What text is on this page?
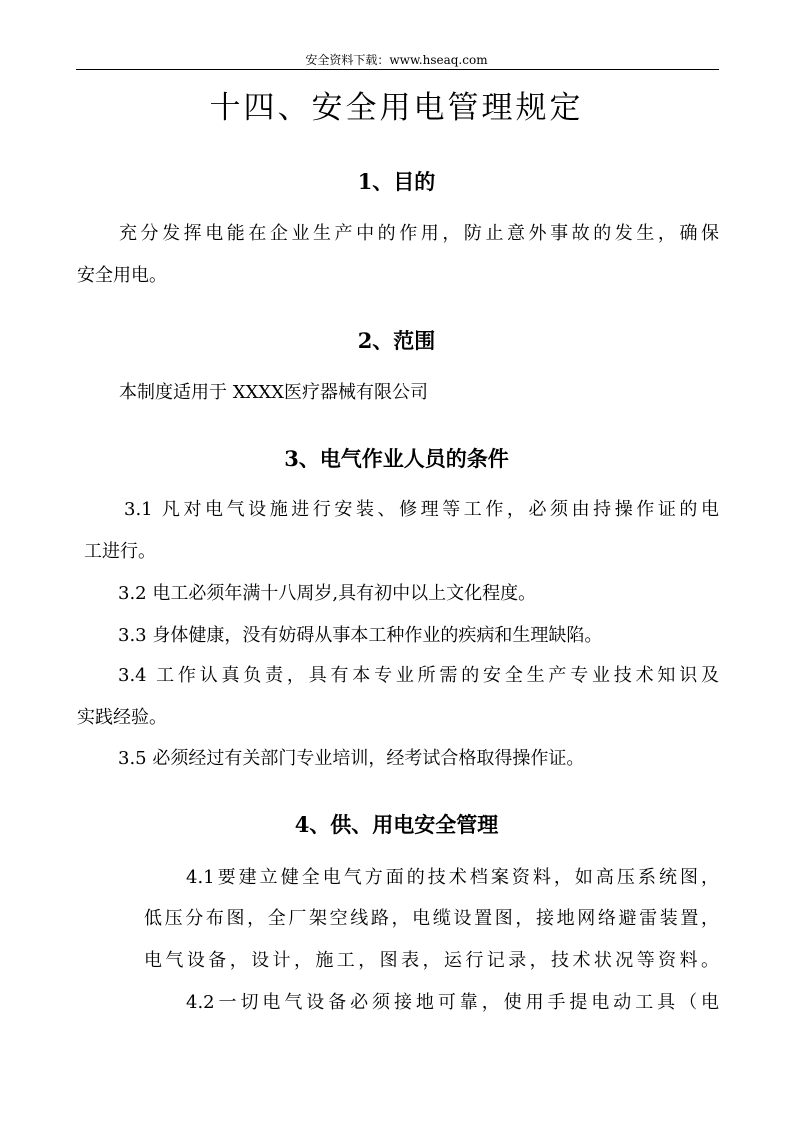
安全资料下载：www.hseaq.com
十四、安全用电管理规定
1、目的
充分发挥电能在企业生产中的作用，防止意外事故的发生，确保
安全用电。
2、范围
本制度适用于 XXXX医疗器械有限公司
3、电气作业人员的条件
3.1 凡对电气设施进行安装、修理等工作，必须由持操作证的电
工进行。
3.2 电工必须年满十八周岁,具有初中以上文化程度。
3.3 身体健康，没有妨碍从事本工种作业的疾病和生理缺陷。
3.4 工作认真负责，具有本专业所需的安全生产专业技术知识及
实践经验。
3.5 必须经过有关部门专业培训，经考试合格取得操作证。
4、供、用电安全管理
4.1要建立健全电气方面的技术档案资料，如高压系统图，
低压分布图，全厂架空线路，电缆设置图，接地网络避雷装置，
电气设备，设计，施工，图表，运行记录，技术状况等资料。
4.2一切电气设备必须接地可靠，使用手提电动工具（电
